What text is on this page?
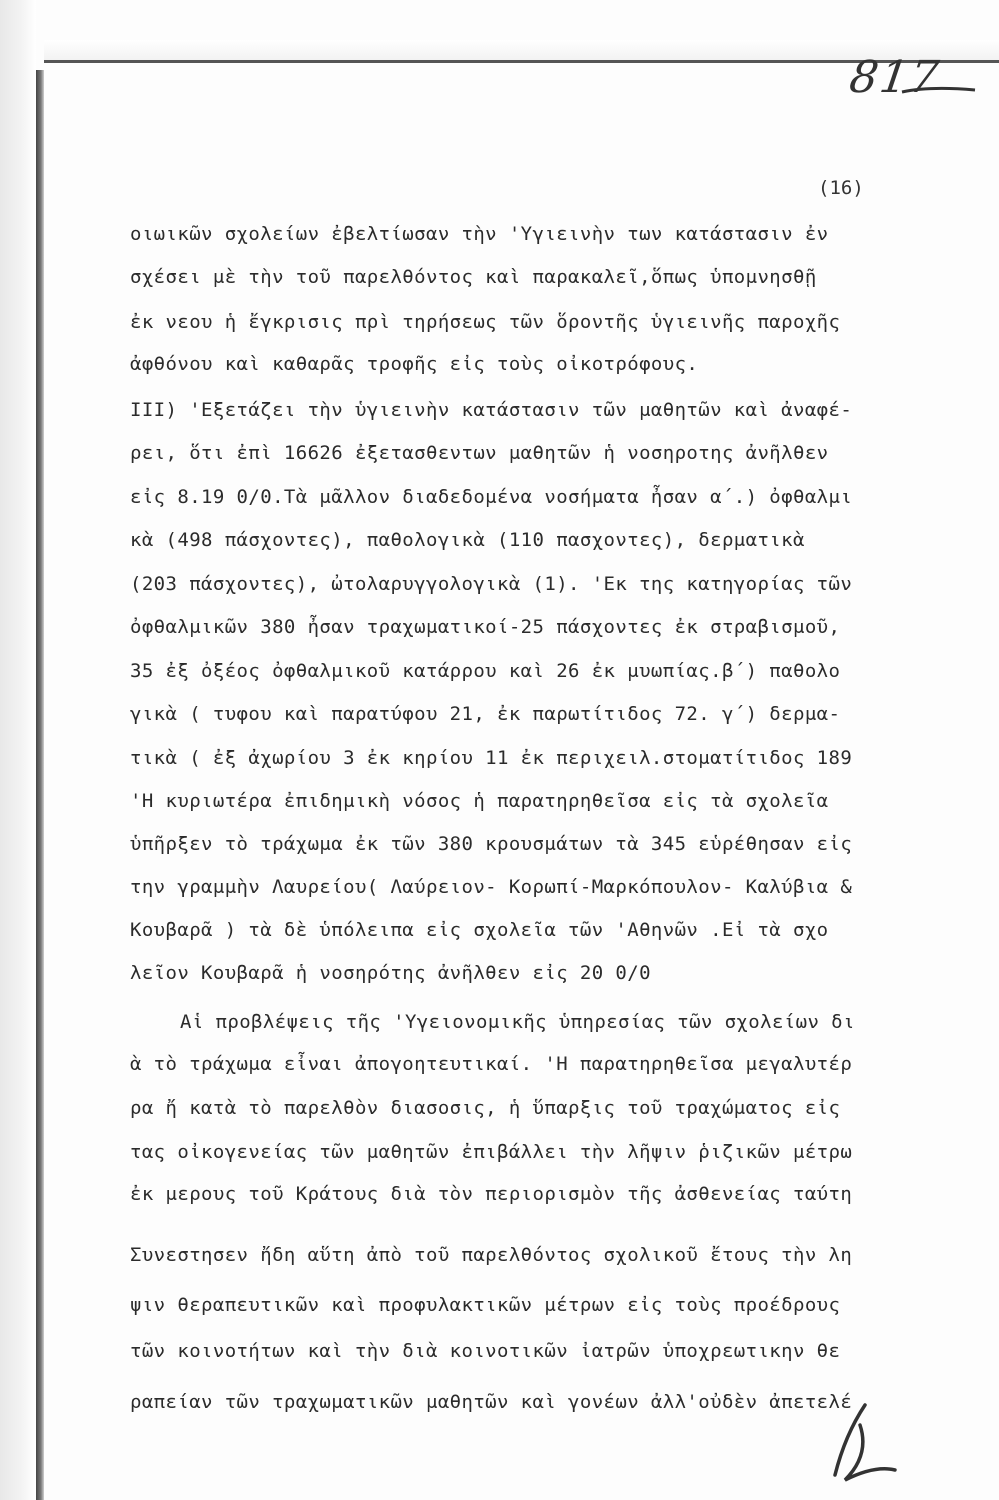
817
(16)
οιωικῶν σχολείων ἐβελτίωσαν τὴν 'Υγιεινὴν των κατάστασιν ἐν
σχέσει μὲ τὴν τοῦ παρελθόντος καὶ παρακαλεῖ,ὅπως ὑπομνησθῇ
ἐκ νεου ἡ ἔγκρισις πρὶ τηρήσεως τῶν ὅροντῆς ὑγιεινῆς παροχῆς
ἀφθόνου καὶ καθαρᾶς τροφῆς εἰς τοὺς οἰκοτρόφους.
III) 'Εξετάζει τὴν ὑγιεινὴν κατάστασιν τῶν μαθητῶν καὶ ἀναφέ-
ρει, ὅτι ἐπὶ 16626 ἐξετασθεντων μαθητῶν ἡ νοσηροτης ἀνῆλθεν
εἰς 8.19 0/0.Τὰ μᾶλλον διαδεδομένα νοσήματα ἦσαν α΄.) ὀφθαλμι
κὰ (498 πάσχοντες), παθολογικὰ (110 πασχοντες), δερματικὰ
(203 πάσχοντες), ὠτολαρυγγολογικὰ (1). 'Εκ της κατηγορίας τῶν
ὀφθαλμικῶν 380 ἦσαν τραχωματικοί-25 πάσχοντες ἐκ στραβισμοῦ,
35 ἐξ ὀξέος ὀφθαλμικοῦ κατάρρου καὶ 26 ἐκ μυωπίας.β΄) παθολο
γικὰ ( τυφου καὶ παρατύφου 21, ἐκ παρωτίτιδος 72. γ΄) δερμα-
τικὰ ( ἐξ ἀχωρίου 3 ἐκ κηρίου 11 ἐκ περιχειλ.στοματίτιδος 189
'Η κυριωτέρα ἐπιδημικὴ νόσος ἡ παρατηρηθεῖσα εἰς τὰ σχολεῖα
ὑπῆρξεν τὸ τράχωμα ἐκ τῶν 380 κρουσμάτων τὰ 345 εὑρέθησαν εἰς
την γραμμὴν Λαυρείου( Λαύρειον- Κορωπί-Μαρκόπουλον- Καλύβια &
Κουβαρᾶ ) τὰ δὲ ὑπόλειπα εἰς σχολεῖα τῶν 'Αθηνῶν .Εἰ τὰ σχο
λεῖον Κουβαρᾶ ἡ νοσηρότης ἀνῆλθεν εἰς 20 0/0
Αἱ προβλέψεις τῆς 'Υγειονομικῆς ὑπηρεσίας τῶν σχολείων δι
ὰ τὸ τράχωμα εἶναι ἀπογοητευτικαί. 'Η παρατηρηθεῖσα μεγαλυτέρ
ρα ἤ κατὰ τὸ παρελθὸν διασοσις, ἡ ὕπαρξις τοῦ τραχώματος εἰς
τας οἰκογενείας τῶν μαθητῶν ἐπιβάλλει τὴν λῆψιν ῥιζικῶν μέτρω
ἐκ μερους τοῦ Κράτους διὰ τὸν περιορισμὸν τῆς ἀσθενείας ταύτη
Συνεστησεν ἤδη αὕτη ἀπὸ τοῦ παρελθόντος σχολικοῦ ἔτους τὴν λη
ψιν θεραπευτικῶν καὶ προφυλακτικῶν μέτρων εἰς τοὺς προέδρους
τῶν κοινοτήτων καὶ τὴν διὰ κοινοτικῶν ἰατρῶν ὑποχρεωτικην θε
ραπείαν τῶν τραχωματικῶν μαθητῶν καὶ γονέων ἀλλ'οὐδὲν ἀπετελέ
